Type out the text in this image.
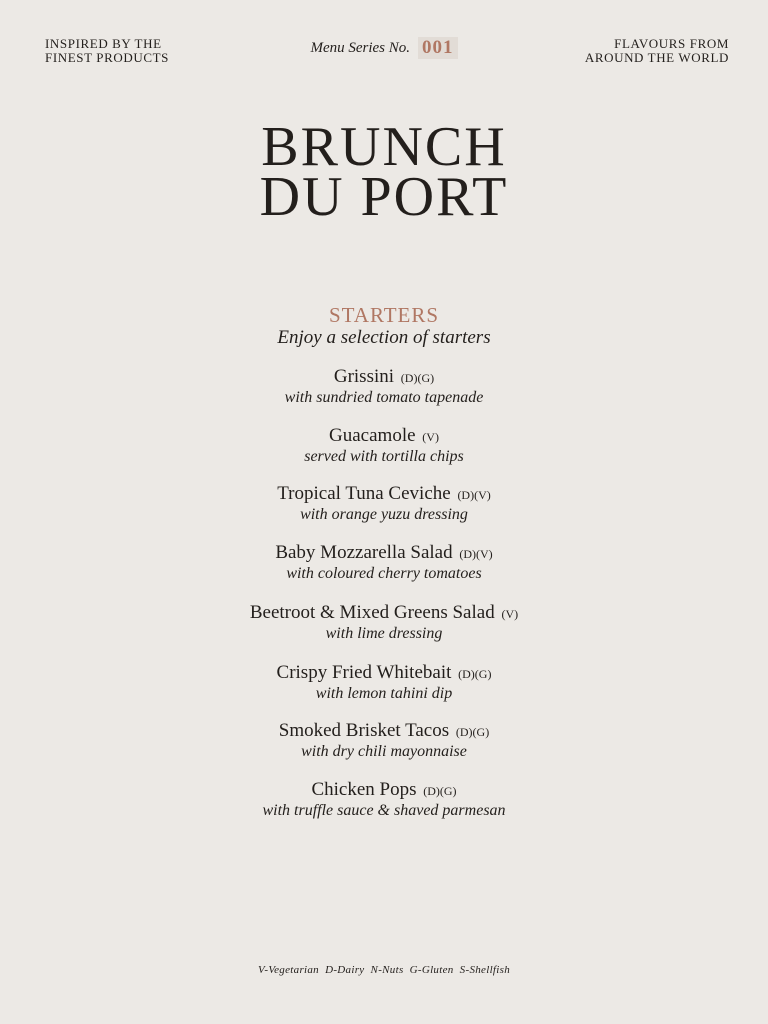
INSPIRED BY THE
FINEST PRODUCTS
Menu Series No. 001	FLAVOURS FROM
AROUND THE WORLD
BRUNCH
DU PORT
STARTERS
Enjoy a selection of starters
Grissini (D)(G)
with sundried tomato tapenade
Guacamole (V)
served with tortilla chips
Tropical Tuna Ceviche (D)(V)
with orange yuzu dressing
Baby Mozzarella Salad (D)(V)
with coloured cherry tomatoes
Beetroot & Mixed Greens Salad (V)
with lime dressing
Crispy Fried Whitebait (D)(G)
with lemon tahini dip
Smoked Brisket Tacos (D)(G)
with dry chili mayonnaise
Chicken Pops (D)(G)
with truffle sauce & shaved parmesan
V-Vegetarian  D-Dairy  N-Nuts  G-Gluten  S-Shellfish
